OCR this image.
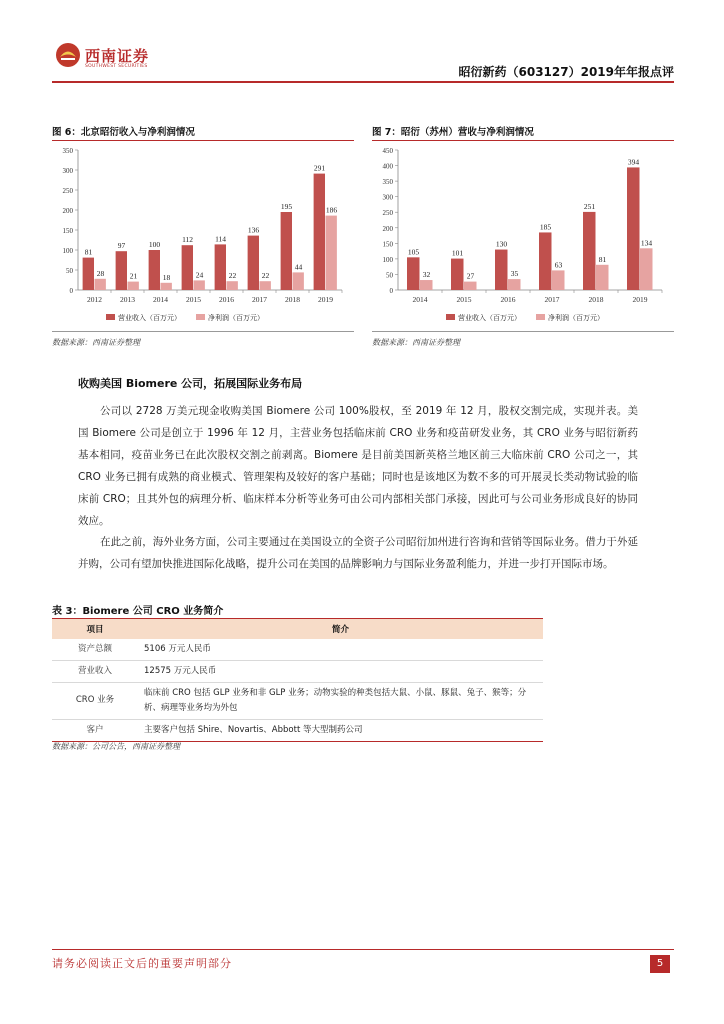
西南证券
SOUTHWEST SECURITIES	昭衍新药（603127）2019年年报点评
图 6：北京昭衍收入与净利润情况
0
50
100
150
200
250
300
350
2012
81
28
2013
97
21
2014
100
18
2015
112
24
2016
114
22
2017
136
22
2018
195
44
2019
291
186
营业收入（百万元）	净利润（百万元）
数据来源：西南证券整理
图 7：昭衍（苏州）营收与净利润情况
0
50
100
150
200
250
300
350
400
450
2014
105
32
2015
101
27
2016
130
35
2017
185
63
2018
251
81
2019
394
134
营业收入（百万元）	净利润（百万元）
数据来源：西南证券整理
收购美国 Biomere 公司，拓展国际业务布局
公司以 2728 万美元现金收购美国 Biomere 公司 100%股权，至 2019 年 12 月，股权交割完成，实现并表。美国 Biomere 公司是创立于 1996 年 12 月，主营业务包括临床前 CRO 业务和疫苗研发业务，其 CRO 业务与昭衍新药基本相同，疫苗业务已在此次股权交割之前剥离。Biomere 是目前美国新英格兰地区前三大临床前 CRO 公司之一，其 CRO 业务已拥有成熟的商业模式、管理架构及较好的客户基础；同时也是该地区为数不多的可开展灵长类动物试验的临床前 CRO；且其外包的病理分析、临床样本分析等业务可由公司内部相关部门承接，因此可与公司业务形成良好的协同效应。
在此之前，海外业务方面，公司主要通过在美国设立的全资子公司昭衍加州进行咨询和营销等国际业务。借力于外延并购，公司有望加快推进国际化战略，提升公司在美国的品牌影响力与国际业务盈利能力，并进一步打开国际市场。
表 3：Biomere 公司 CRO 业务简介
项目	简介
资产总额	5106 万元人民币
营业收入	12575 万元人民币
CRO 业务	临床前 CRO 包括 GLP 业务和非 GLP 业务；动物实验的种类包括大鼠、小鼠、豚鼠、兔子、猴等；分析、病理等业务均为外包
客户	主要客户包括 Shire、Novartis、Abbott 等大型制药公司
数据来源：公司公告，西南证券整理
请务必阅读正文后的重要声明部分	5
